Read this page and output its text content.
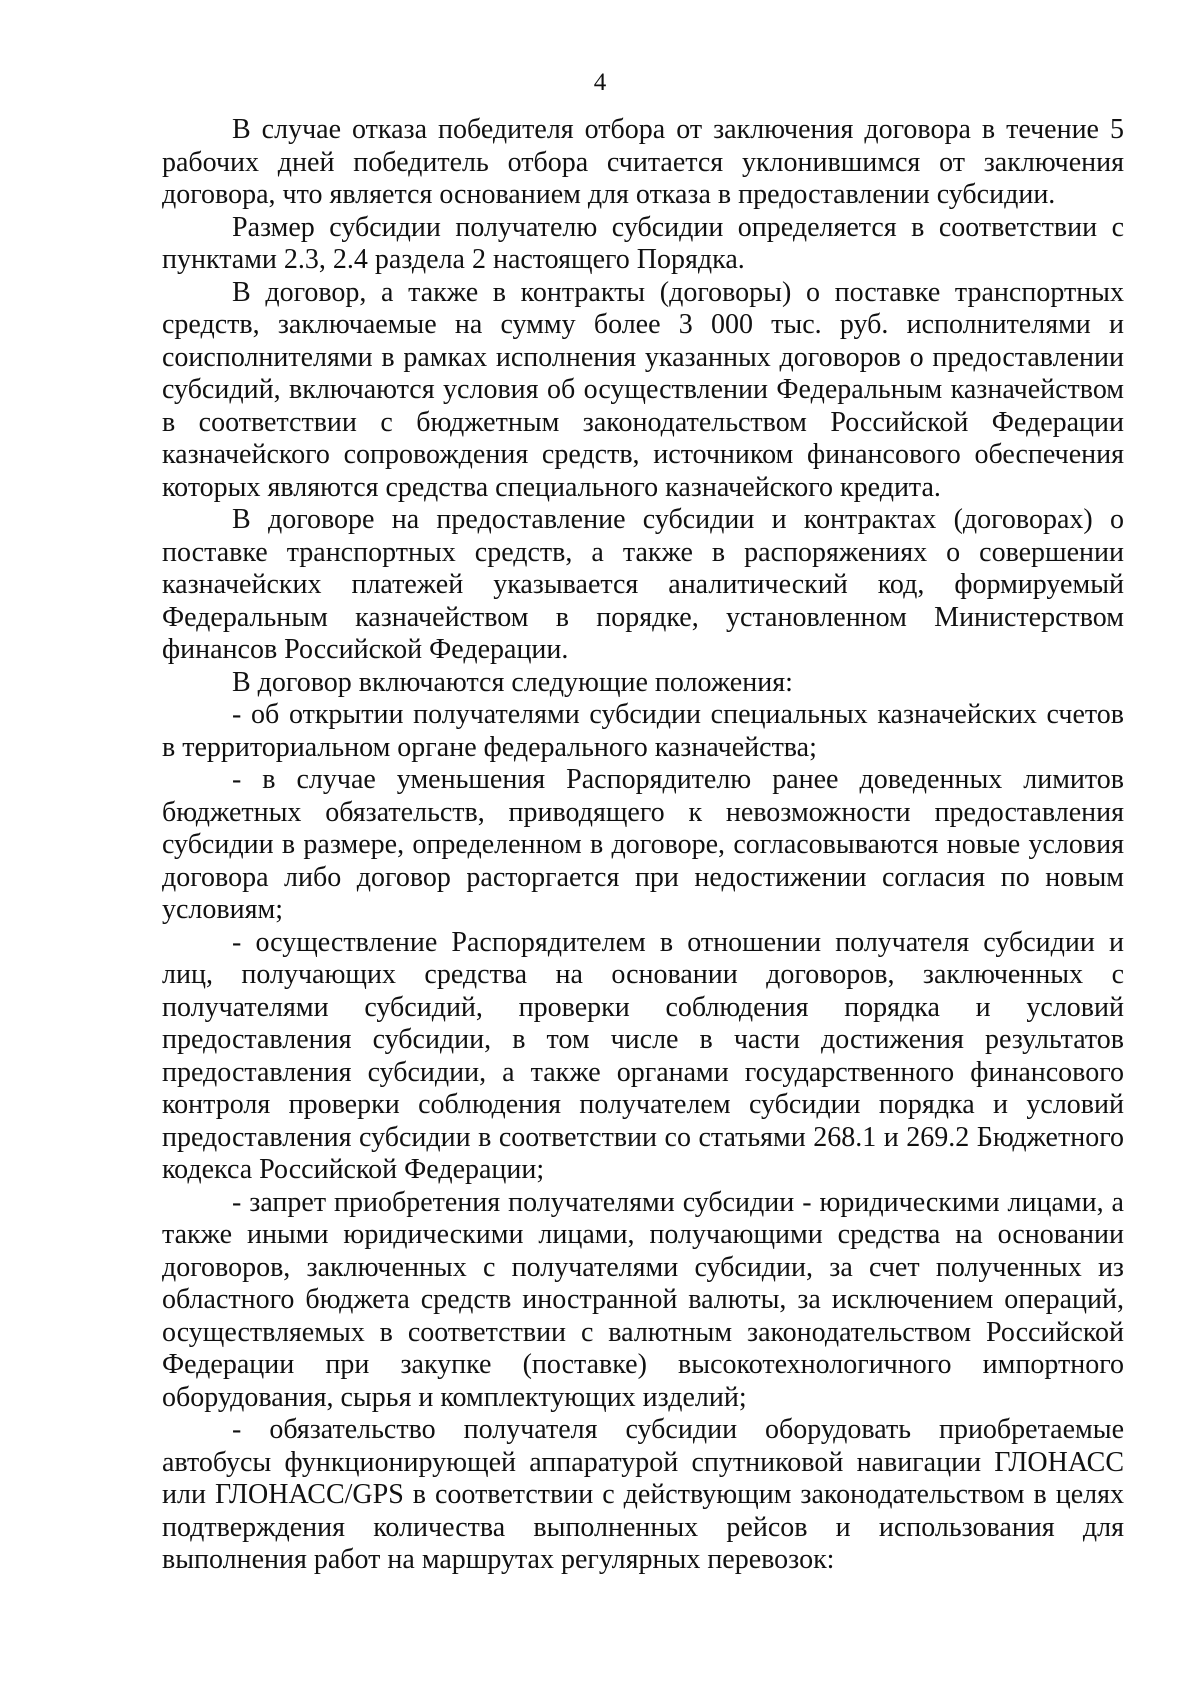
4

В случае отказа победителя отбора от заключения договора в течение 5 рабочих дней победитель отбора считается уклонившимся от заключения договора, что является основанием для отказа в предоставлении субсидии.

Размер субсидии получателю субсидии определяется в соответствии с пунктами 2.3, 2.4 раздела 2 настоящего Порядка.

В договор, а также в контракты (договоры) о поставке транспортных средств, заключаемые на сумму более 3 000 тыс. руб. исполнителями и соисполнителями в рамках исполнения указанных договоров о предоставлении субсидий, включаются условия об осуществлении Федеральным казначейством в соответствии с бюджетным законодательством Российской Федерации казначейского сопровождения средств, источником финансового обеспечения которых являются средства специального казначейского кредита.

В договоре на предоставление субсидии и контрактах (договорах) о поставке транспортных средств, а также в распоряжениях о совершении казначейских платежей указывается аналитический код, формируемый Федеральным казначейством в порядке, установленном Министерством финансов Российской Федерации.

В договор включаются следующие положения:

- об открытии получателями субсидии специальных казначейских счетов в территориальном органе федерального казначейства;

- в случае уменьшения Распорядителю ранее доведенных лимитов бюджетных обязательств, приводящего к невозможности предоставления субсидии в размере, определенном в договоре, согласовываются новые условия договора либо договор расторгается при недостижении согласия по новым условиям;

- осуществление Распорядителем в отношении получателя субсидии и лиц, получающих средства на основании договоров, заключенных с получателями субсидий, проверки соблюдения порядка и условий предоставления субсидии, в том числе в части достижения результатов предоставления субсидии, а также органами государственного финансового контроля проверки соблюдения получателем субсидии порядка и условий предоставления субсидии в соответствии со статьями 268.1 и 269.2 Бюджетного кодекса Российской Федерации;

- запрет приобретения получателями субсидии - юридическими лицами, а также иными юридическими лицами, получающими средства на основании договоров, заключенных с получателями субсидии, за счет полученных из областного бюджета средств иностранной валюты, за исключением операций, осуществляемых в соответствии с валютным законодательством Российской Федерации при закупке (поставке) высокотехнологичного импортного оборудования, сырья и комплектующих изделий;

- обязательство получателя субсидии оборудовать приобретаемые автобусы функционирующей аппаратурой спутниковой навигации ГЛОНАСС или ГЛОНАСС/GPS в соответствии с действующим законодательством в целях подтверждения количества выполненных рейсов и использования для выполнения работ на маршрутах регулярных перевозок:
